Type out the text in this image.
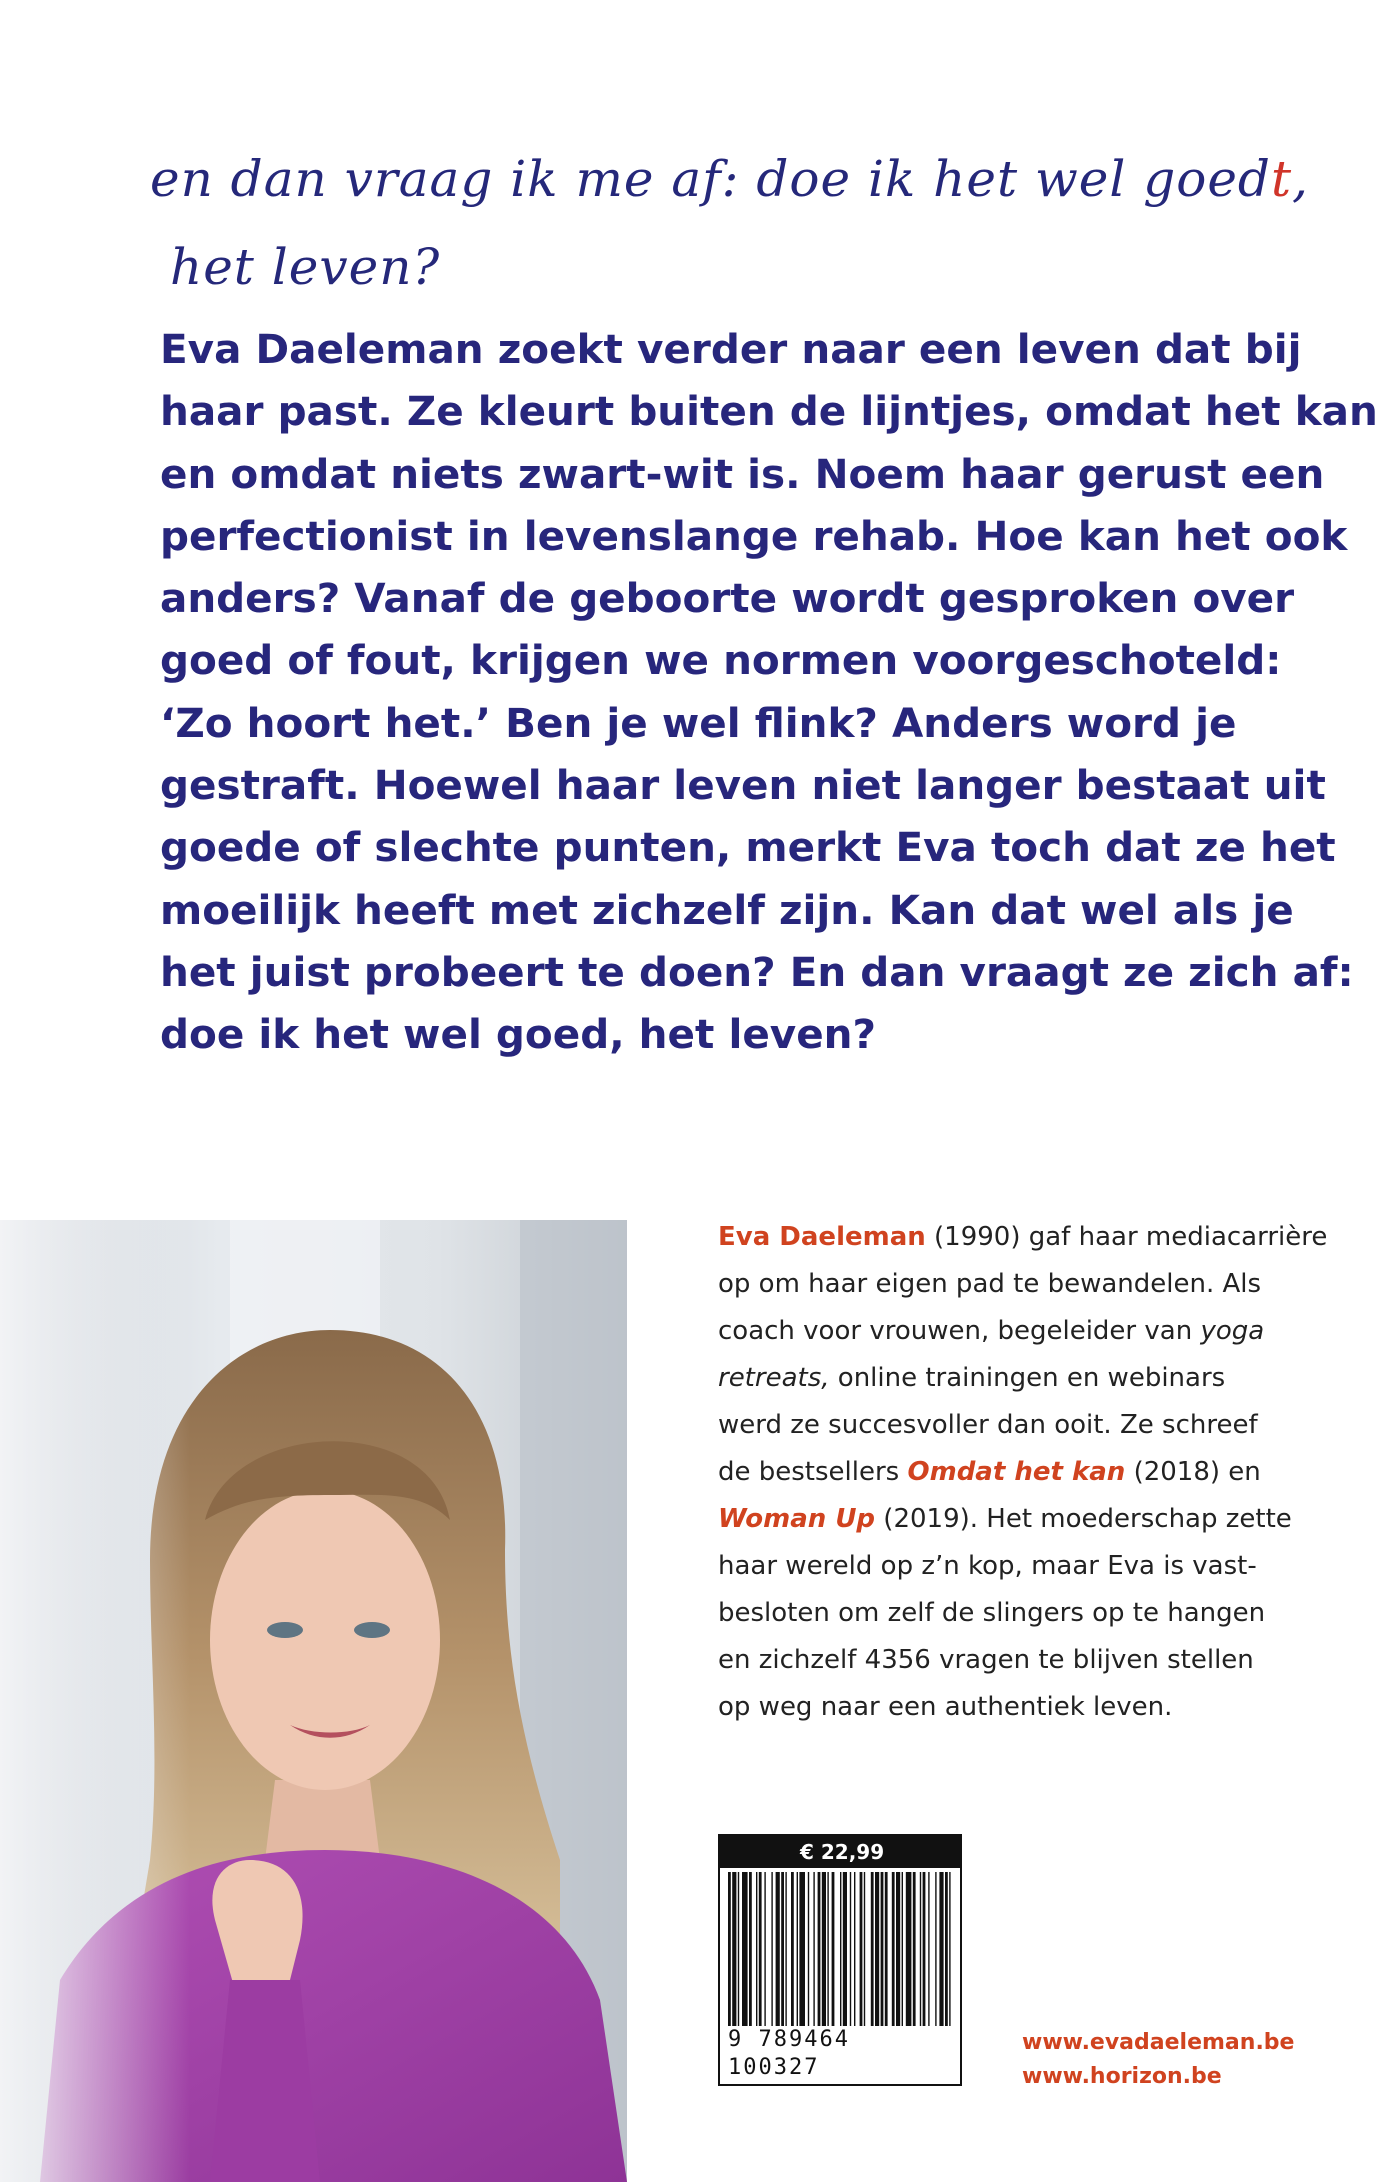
en dan vraag ik me af: doe ik het wel goedt,
het leven?
Eva Daeleman zoekt verder naar een leven dat bij
haar past. Ze kleurt buiten de lijntjes, omdat het kan
en omdat niets zwart-wit is. Noem haar gerust een
perfectionist in levenslange rehab. Hoe kan het ook
anders? Vanaf de geboorte wordt gesproken over
goed of fout, krijgen we normen voorgeschoteld:
‘Zo hoort het.’ Ben je wel flink? Anders word je
gestraft. Hoewel haar leven niet langer bestaat uit
goede of slechte punten, merkt Eva toch dat ze het
moeilijk heeft met zichzelf zijn. Kan dat wel als je
het juist probeert te doen? En dan vraagt ze zich af:
doe ik het wel goed, het leven?
Eva Daeleman (1990) gaf haar mediacarrière
op om haar eigen pad te bewandelen. Als
coach voor vrouwen, begeleider van yoga
retreats, online trainingen en webinars
werd ze succesvoller dan ooit. Ze schreef
de bestsellers Omdat het kan (2018) en
Woman Up (2019). Het moederschap zette
haar wereld op z’n kop, maar Eva is vast-
besloten om zelf de slingers op te hangen
en zichzelf 4356 vragen te blijven stellen
op weg naar een authentiek leven.
€ 22,99
9 789464 100327
www.evadaeleman.be
www.horizon.be
